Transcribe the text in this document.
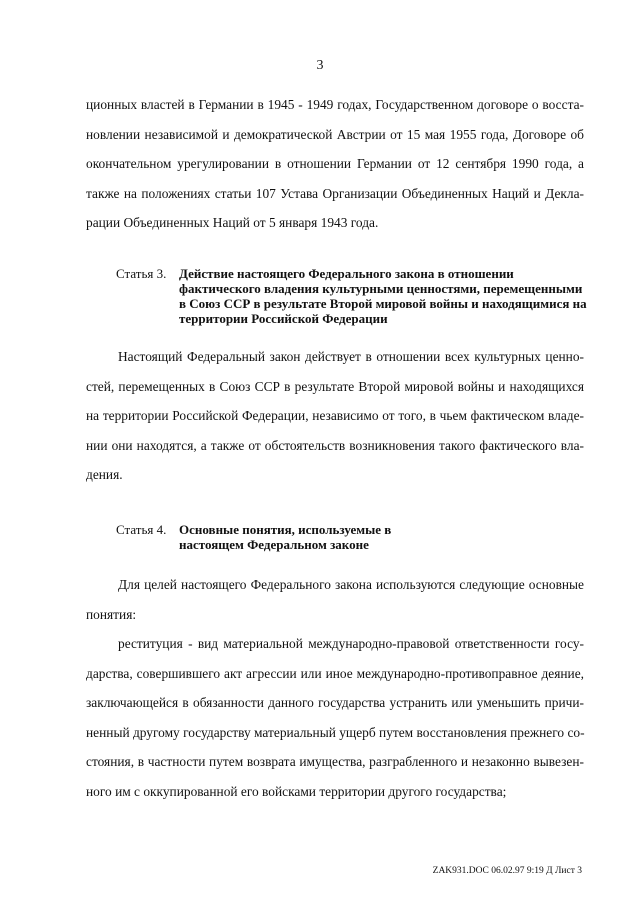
3
ционных властей в Германии в 1945 - 1949 годах, Государственном договоре о восста-
новлении независимой и демократической Австрии от 15 мая 1955 года, Договоре об
окончательном урегулировании в отношении Германии от 12 сентября 1990 года, а
также на положениях статьи 107 Устава Организации Объединенных Наций и Декла-
рации Объединенных Наций от 5 января 1943 года.
Статья 3. Действие настоящего Федерального закона в отношении
фактического владения культурными ценностями, перемещенными
в Союз ССР в результате Второй мировой войны и находящимися на
территории Российской Федерации
Настоящий Федеральный закон действует в отношении всех культурных ценно-
стей, перемещенных в Союз ССР в результате Второй мировой войны и находящихся
на территории Российской Федерации, независимо от того, в чьем фактическом владе-
нии они находятся, а также от обстоятельств возникновения такого фактического вла-
дения.
Статья 4. Основные понятия, используемые в
настоящем Федеральном законе
Для целей настоящего Федерального закона используются следующие основные
понятия:
реституция - вид материальной международно-правовой ответственности госу-
дарства, совершившего акт агрессии или иное международно-противоправное деяние,
заключающейся в обязанности данного государства устранить или уменьшить причи-
ненный другому государству материальный ущерб путем восстановления прежнего со-
стояния, в частности путем возврата имущества, разграбленного и незаконно вывезен-
ного им с оккупированной его войсками территории другого государства;
ZAK931.DOC 06.02.97 9:19 Д Лист 3
